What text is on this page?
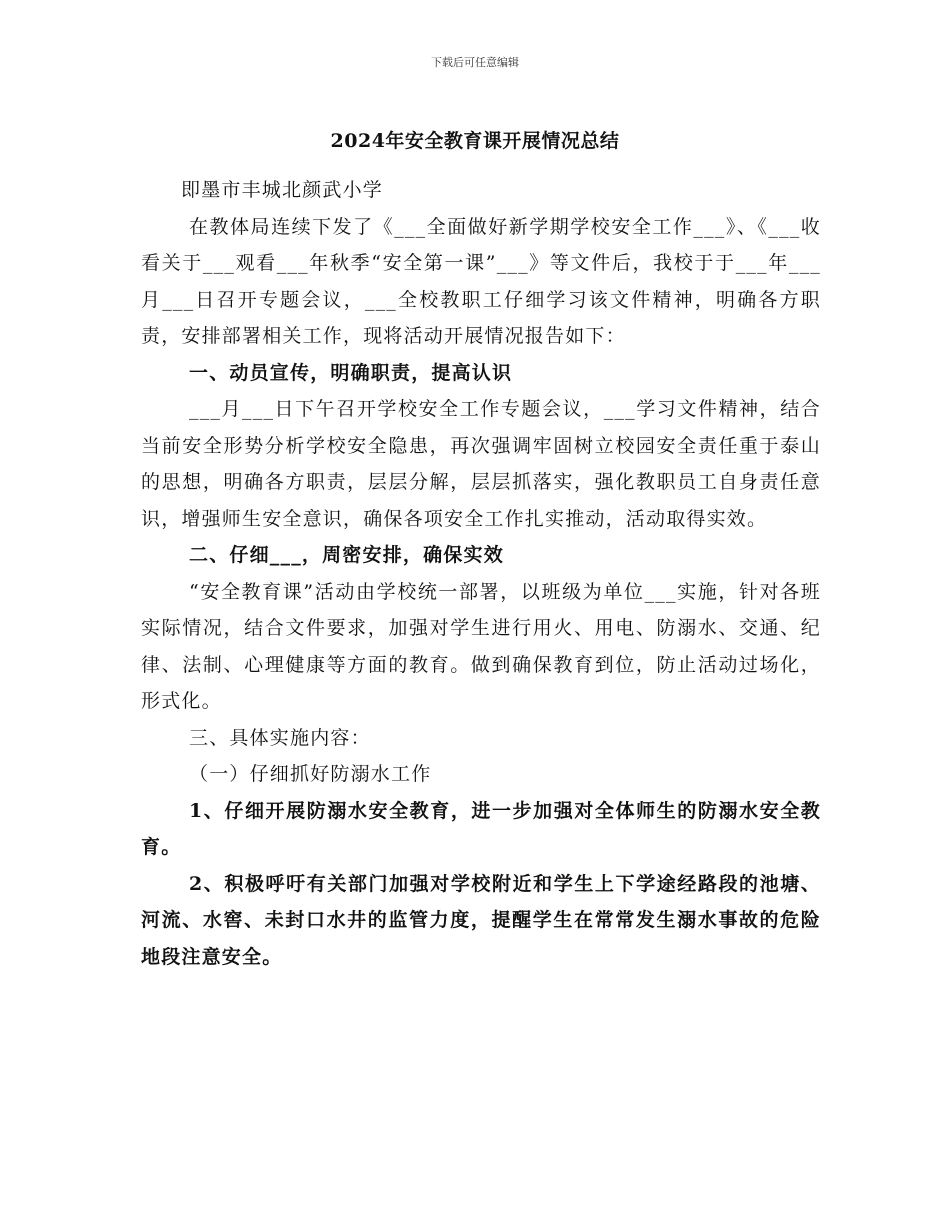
下载后可任意编辑
2024年安全教育课开展情况总结

即墨市丰城北颜武小学

在教体局连续下发了《___全面做好新学期学校安全工作___》、《___收看关于___观看___年秋季“安全第一课”___》等文件后，我校于于___年___月___日召开专题会议，___全校教职工仔细学习该文件精神，明确各方职责，安排部署相关工作，现将活动开展情况报告如下：

一、动员宣传，明确职责，提高认识

___月___日下午召开学校安全工作专题会议，___学习文件精神，结合当前安全形势分析学校安全隐患，再次强调牢固树立校园安全责任重于泰山的思想，明确各方职责，层层分解，层层抓落实，强化教职员工自身责任意识，增强师生安全意识，确保各项安全工作扎实推动，活动取得实效。

二、仔细___，周密安排，确保实效

“安全教育课”活动由学校统一部署，以班级为单位___实施，针对各班实际情况，结合文件要求，加强对学生进行用火、用电、防溺水、交通、纪律、法制、心理健康等方面的教育。做到确保教育到位，防止活动过场化，形式化。

三、具体实施内容：

（一）仔细抓好防溺水工作

1、仔细开展防溺水安全教育，进一步加强对全体师生的防溺水安全教育。

2、积极呼吁有关部门加强对学校附近和学生上下学途经路段的池塘、河流、水窖、未封口水井的监管力度，提醒学生在常常发生溺水事故的危险地段注意安全。
